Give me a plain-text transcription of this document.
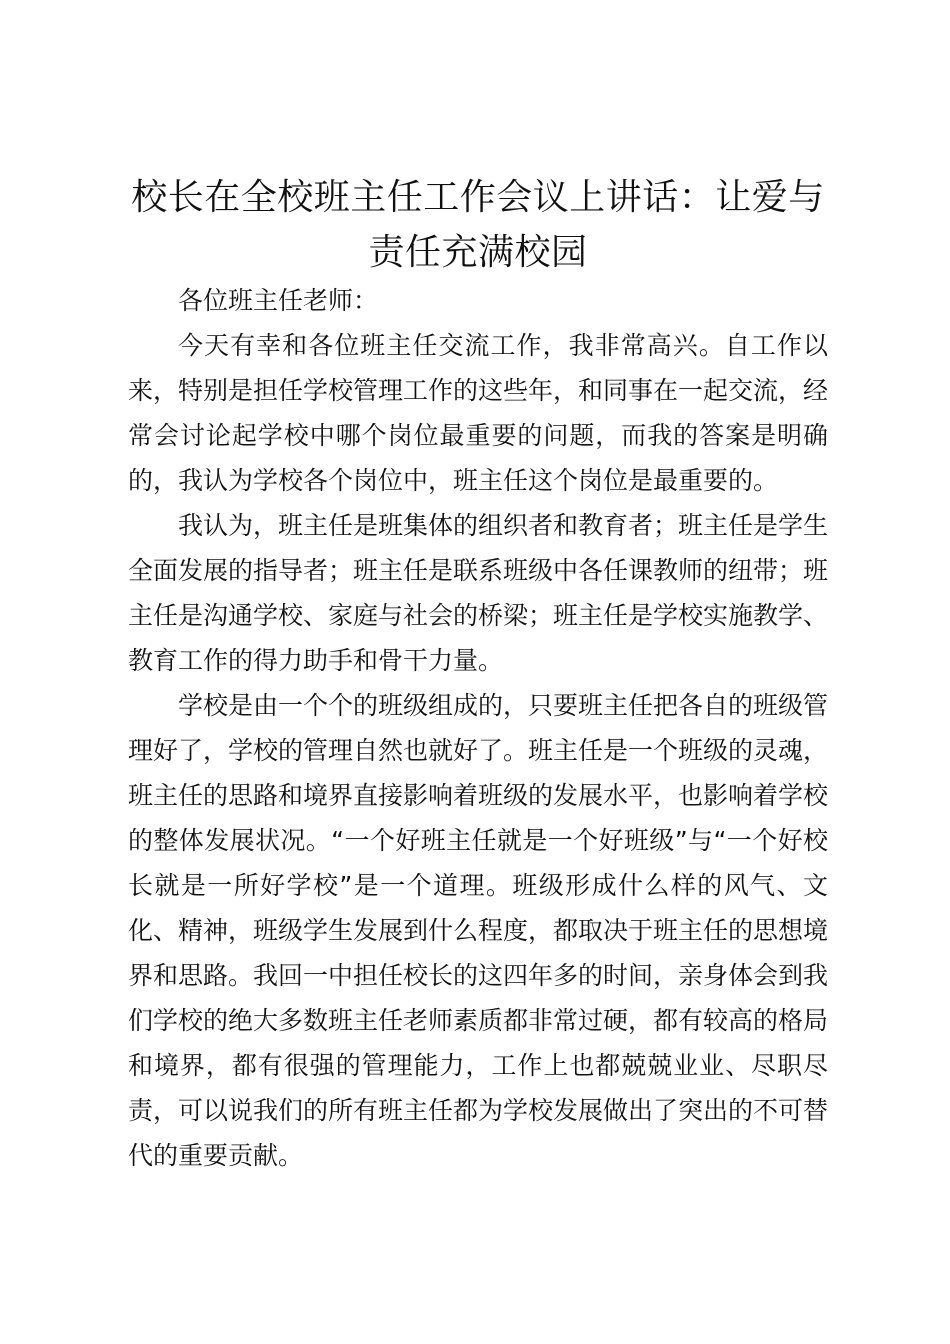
校长在全校班主任工作会议上讲话：让爱与责任充满校园

各位班主任老师：

今天有幸和各位班主任交流工作，我非常高兴。自工作以来，特别是担任学校管理工作的这些年，和同事在一起交流，经常会讨论起学校中哪个岗位最重要的问题，而我的答案是明确的，我认为学校各个岗位中，班主任这个岗位是最重要的。

我认为，班主任是班集体的组织者和教育者；班主任是学生全面发展的指导者；班主任是联系班级中各任课教师的纽带；班主任是沟通学校、家庭与社会的桥梁；班主任是学校实施教学、教育工作的得力助手和骨干力量。

学校是由一个个的班级组成的，只要班主任把各自的班级管理好了，学校的管理自然也就好了。班主任是一个班级的灵魂，班主任的思路和境界直接影响着班级的发展水平，也影响着学校的整体发展状况。“一个好班主任就是一个好班级”与“一个好校长就是一所好学校”是一个道理。班级形成什么样的风气、文化、精神，班级学生发展到什么程度，都取决于班主任的思想境界和思路。我回一中担任校长的这四年多的时间，亲身体会到我们学校的绝大多数班主任老师素质都非常过硬，都有较高的格局和境界，都有很强的管理能力，工作上也都兢兢业业、尽职尽责，可以说我们的所有班主任都为学校发展做出了突出的不可替代的重要贡献。
